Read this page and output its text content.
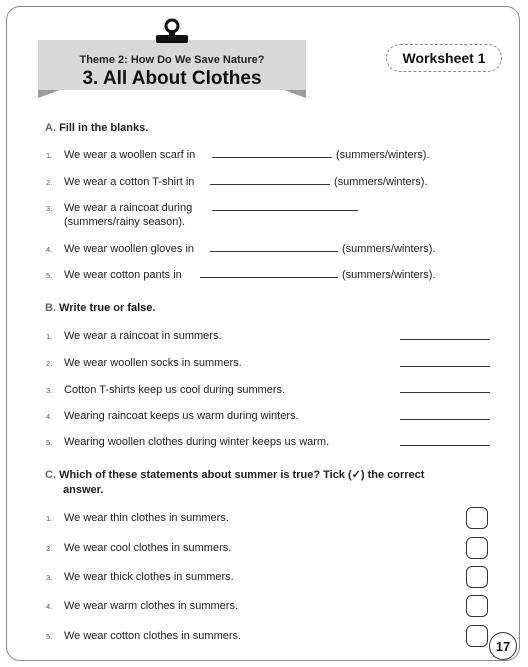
Theme 2: How Do We Save Nature?
3. All About Clothes
Worksheet 1
A. Fill in the blanks.
1. We wear a woollen scarf in	(summers/winters).
2. We wear a cotton T-shirt in	(summers/winters).
3. We wear a raincoat during
(summers/rainy season).
4. We wear woollen gloves in	(summers/winters).
5. We wear cotton pants in	(summers/winters).
B. Write true or false.
1. We wear a raincoat in summers.
2. We wear woollen socks in summers.
3. Cotton T-shirts keep us cool during summers.
4. Wearing raincoat keeps us warm during winters.
5. Wearing woollen clothes during winter keeps us warm.
C. Which of these statements about summer is true? Tick (✓) the correct
answer.
1. We wear thin clothes in summers.
2. We wear cool clothes in summers.
3. We wear thick clothes in summers.
4. We wear warm clothes in summers.
5. We wear cotton clothes in summers.
17
